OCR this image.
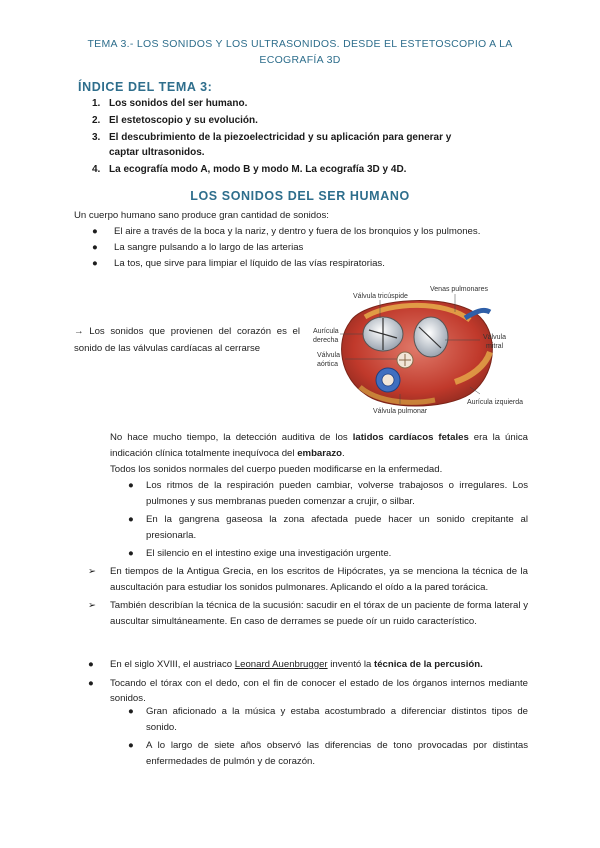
TEMA 3.- LOS SONIDOS Y LOS ULTRASONIDOS. DESDE EL ESTETOSCOPIO A LA
ECOGRAFÍA 3D
ÍNDICE DEL TEMA 3:
1. Los sonidos del ser humano.
2. El estetoscopio y su evolución.
3. El descubrimiento de la piezoelectricidad y su aplicación para generar y captar ultrasonidos.
4. La ecografía modo A, modo B y modo M. La ecografía 3D y 4D.
LOS SONIDOS DEL SER HUMANO
Un cuerpo humano sano produce gran cantidad de sonidos:
●	El aire a través de la boca y la nariz, y dentro y fuera de los bronquios y los pulmones.
●	La sangre pulsando a lo largo de las arterias
●	La tos, que sirve para limpiar el líquido de las vías respiratorias.
→ Los sonidos que provienen del corazón es el sonido de las válvulas cardíacas al cerrarse
Válvula tricúspide
Venas pulmonares
Aurícula
derecha
Válvula
aórtica
Válvula
mitral
Aurícula izquierda
Válvula pulmonar
No hace mucho tiempo, la detección auditiva de los latidos cardíacos fetales era la única indicación clínica totalmente inequívoca del embarazo.
Todos los sonidos normales del cuerpo pueden modificarse en la enfermedad.
●	Los ritmos de la respiración pueden cambiar, volverse trabajosos o irregulares. Los pulmones y sus membranas pueden comenzar a crujir, o silbar.
●	En la gangrena gaseosa la zona afectada puede hacer un sonido crepitante al presionarla.
●	El silencio en el intestino exige una investigación urgente.
➢	En tiempos de la Antigua Grecia, en los escritos de Hipócrates, ya se menciona la técnica de la auscultación para estudiar los sonidos pulmonares. Aplicando el oído a la pared torácica.
➢	También describían la técnica de la sucusión: sacudir en el tórax de un paciente de forma lateral y auscultar simultáneamente. En caso de derrames se puede oír un ruido característico.
●	En el siglo XVIII, el austriaco Leonard Auenbrugger inventó la técnica de la percusión.
●	Tocando el tórax con el dedo, con el fin de conocer el estado de los órganos internos mediante sonidos.
●	Gran aficionado a la música y estaba acostumbrado a diferenciar distintos tipos de sonido.
●	A lo largo de siete años observó las diferencias de tono provocadas por distintas enfermedades de pulmón y de corazón.
